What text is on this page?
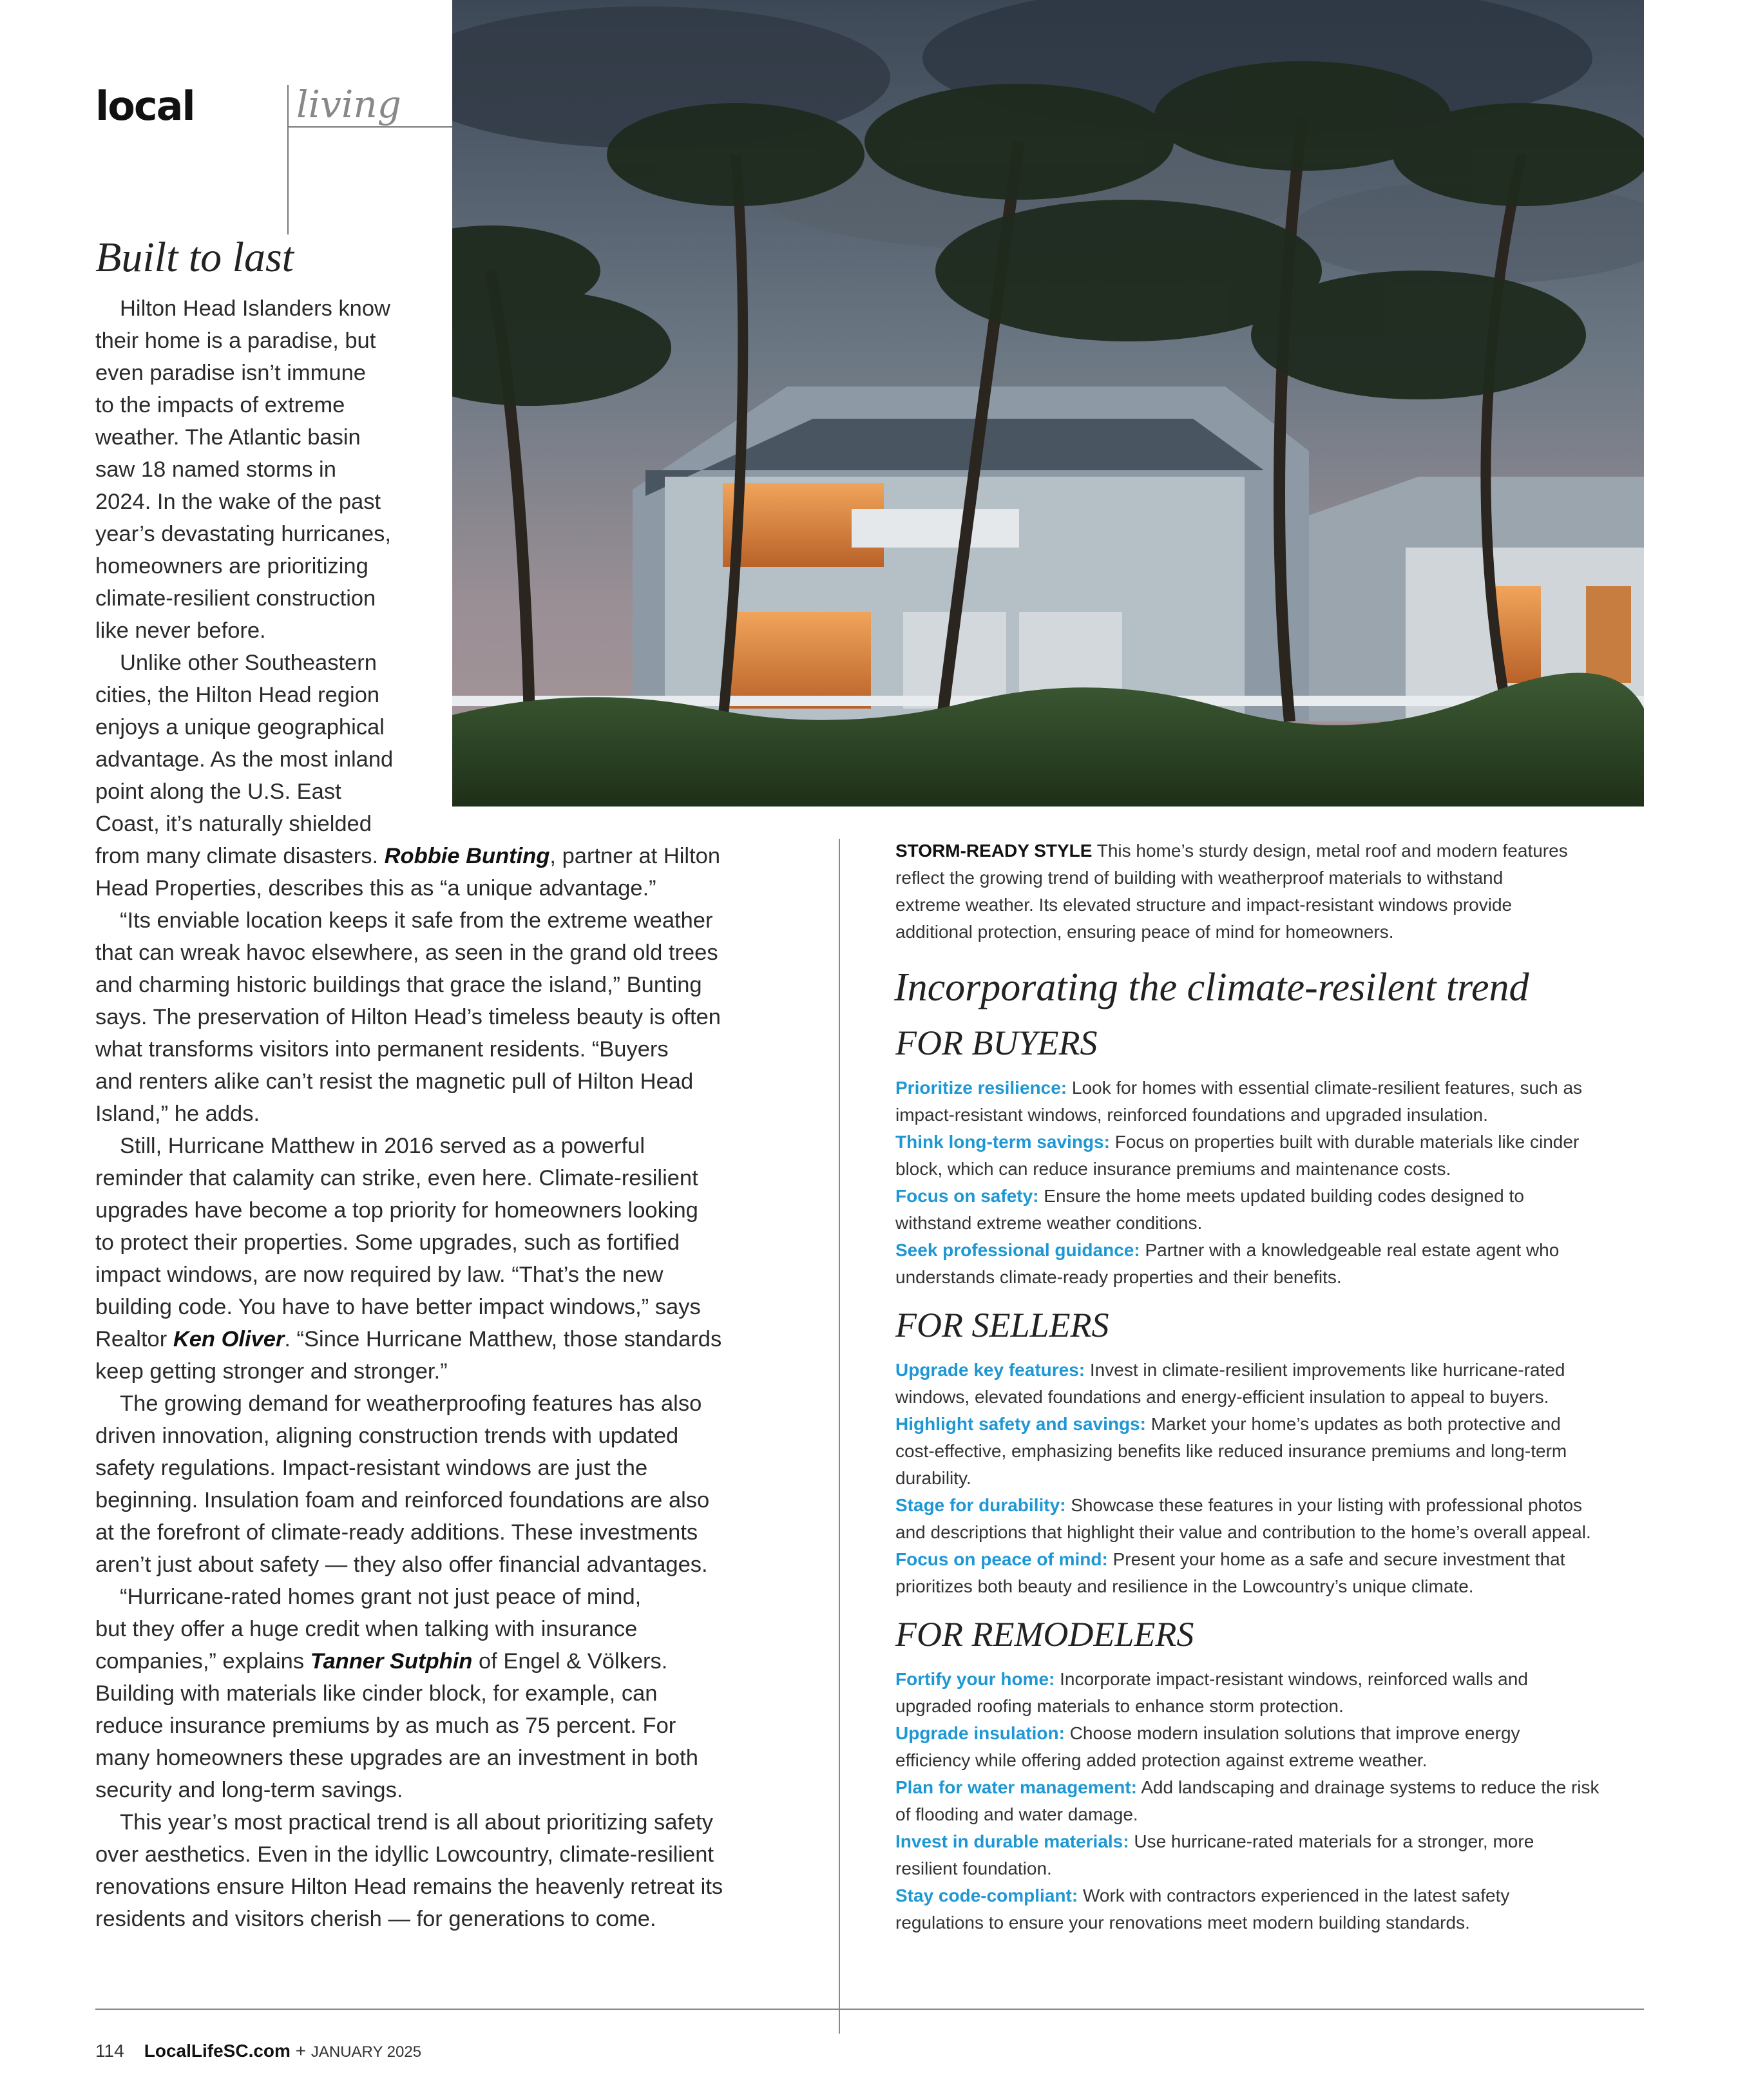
local	living
Built to last
Hilton Head Islanders know
their home is a paradise, but
even paradise isn’t immune
to the impacts of extreme
weather. The Atlantic basin
saw 18 named storms in
2024. In the wake of the past
year’s devastating hurricanes,
homeowners are prioritizing
climate-resilient construction
like never before.
Unlike other Southeastern
cities, the Hilton Head region
enjoys a unique geographical
advantage. As the most inland
point along the U.S. East
Coast, it’s naturally shielded
from many climate disasters. Robbie Bunting, partner at Hilton
Head Properties, describes this as “a unique advantage.”
“Its enviable location keeps it safe from the extreme weather
that can wreak havoc elsewhere, as seen in the grand old trees
and charming historic buildings that grace the island,” Bunting
says. The preservation of Hilton Head’s timeless beauty is often
what transforms visitors into permanent residents. “Buyers
and renters alike can’t resist the magnetic pull of Hilton Head
Island,” he adds.
Still, Hurricane Matthew in 2016 served as a powerful
reminder that calamity can strike, even here. Climate-resilient
upgrades have become a top priority for homeowners looking
to protect their properties. Some upgrades, such as fortified
impact windows, are now required by law. “That’s the new
building code. You have to have better impact windows,” says
Realtor Ken Oliver. “Since Hurricane Matthew, those standards
keep getting stronger and stronger.”
The growing demand for weatherproofing features has also
driven innovation, aligning construction trends with updated
safety regulations. Impact-resistant windows are just the
beginning. Insulation foam and reinforced foundations are also
at the forefront of climate-ready additions. These investments
aren’t just about safety — they also offer financial advantages.
“Hurricane-rated homes grant not just peace of mind,
but they offer a huge credit when talking with insurance
companies,” explains Tanner Sutphin of Engel & Völkers.
Building with materials like cinder block, for example, can
reduce insurance premiums by as much as 75 percent. For
many homeowners these upgrades are an investment in both
security and long-term savings.
This year’s most practical trend is all about prioritizing safety
over aesthetics. Even in the idyllic Lowcountry, climate-resilient
renovations ensure Hilton Head remains the heavenly retreat its
residents and visitors cherish — for generations to come.
STORM-READY STYLE This home’s sturdy design, metal roof and modern features
reflect the growing trend of building with weatherproof materials to withstand
extreme weather. Its elevated structure and impact-resistant windows provide
additional protection, ensuring peace of mind for homeowners.
Incorporating the climate-resilent trend
FOR BUYERS
Prioritize resilience: Look for homes with essential climate-resilient features, such as
impact-resistant windows, reinforced foundations and upgraded insulation.
Think long-term savings: Focus on properties built with durable materials like cinder
block, which can reduce insurance premiums and maintenance costs.
Focus on safety: Ensure the home meets updated building codes designed to
withstand extreme weather conditions.
Seek professional guidance: Partner with a knowledgeable real estate agent who
understands climate-ready properties and their benefits.
FOR SELLERS
Upgrade key features: Invest in climate-resilient improvements like hurricane-rated
windows, elevated foundations and energy-efficient insulation to appeal to buyers.
Highlight safety and savings: Market your home’s updates as both protective and
cost-effective, emphasizing benefits like reduced insurance premiums and long-term
durability.
Stage for durability: Showcase these features in your listing with professional photos
and descriptions that highlight their value and contribution to the home’s overall appeal.
Focus on peace of mind: Present your home as a safe and secure investment that
prioritizes both beauty and resilience in the Lowcountry’s unique climate.
FOR REMODELERS
Fortify your home: Incorporate impact-resistant windows, reinforced walls and
upgraded roofing materials to enhance storm protection.
Upgrade insulation: Choose modern insulation solutions that improve energy
efficiency while offering added protection against extreme weather.
Plan for water management: Add landscaping and drainage systems to reduce the risk
of flooding and water damage.
Invest in durable materials: Use hurricane-rated materials for a stronger, more
resilient foundation.
Stay code-compliant: Work with contractors experienced in the latest safety
regulations to ensure your renovations meet modern building standards.
114 LocalLifeSC.com + JANUARY 2025
